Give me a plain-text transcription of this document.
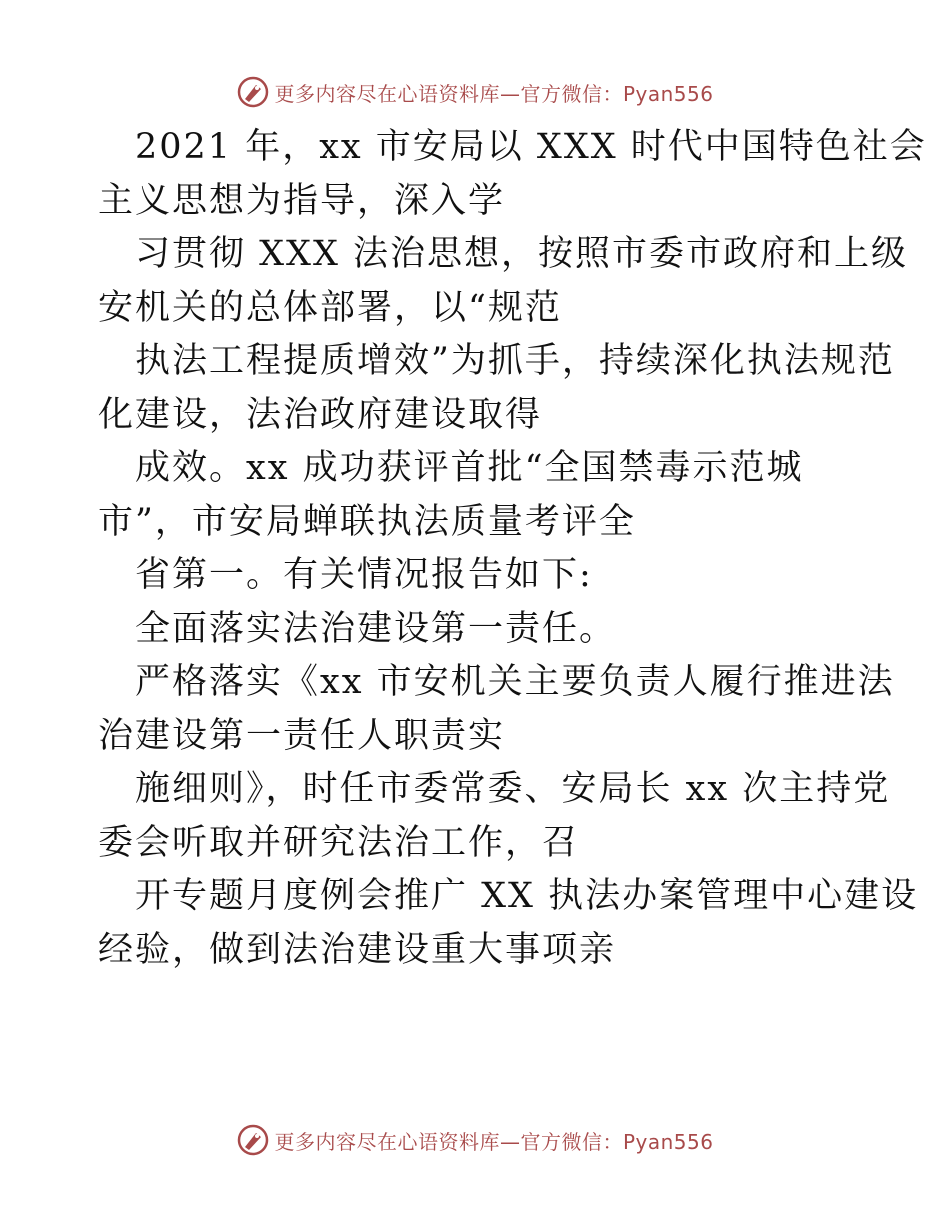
更多内容尽在心语资料库—官方微信：Pyan556
2021 年，xx 市安局以 XXX 时代中国特色社会
主义思想为指导，深入学
习贯彻 XXX 法治思想，按照市委市政府和上级
安机关的总体部署，以“规范
执法工程提质增效”为抓手，持续深化执法规范
化建设，法治政府建设取得
成效。xx 成功获评首批“全国禁毒示范城
市”，市安局蝉联执法质量考评全
省第一。有关情况报告如下:
全面落实法治建设第一责任。
严格落实《xx 市安机关主要负责人履行推进法
治建设第一责任人职责实
施细则》，时任市委常委、安局长 xx 次主持党
委会听取并研究法治工作，召
开专题月度例会推广 XX 执法办案管理中心建设
经验，做到法治建设重大事项亲
更多内容尽在心语资料库—官方微信：Pyan556
